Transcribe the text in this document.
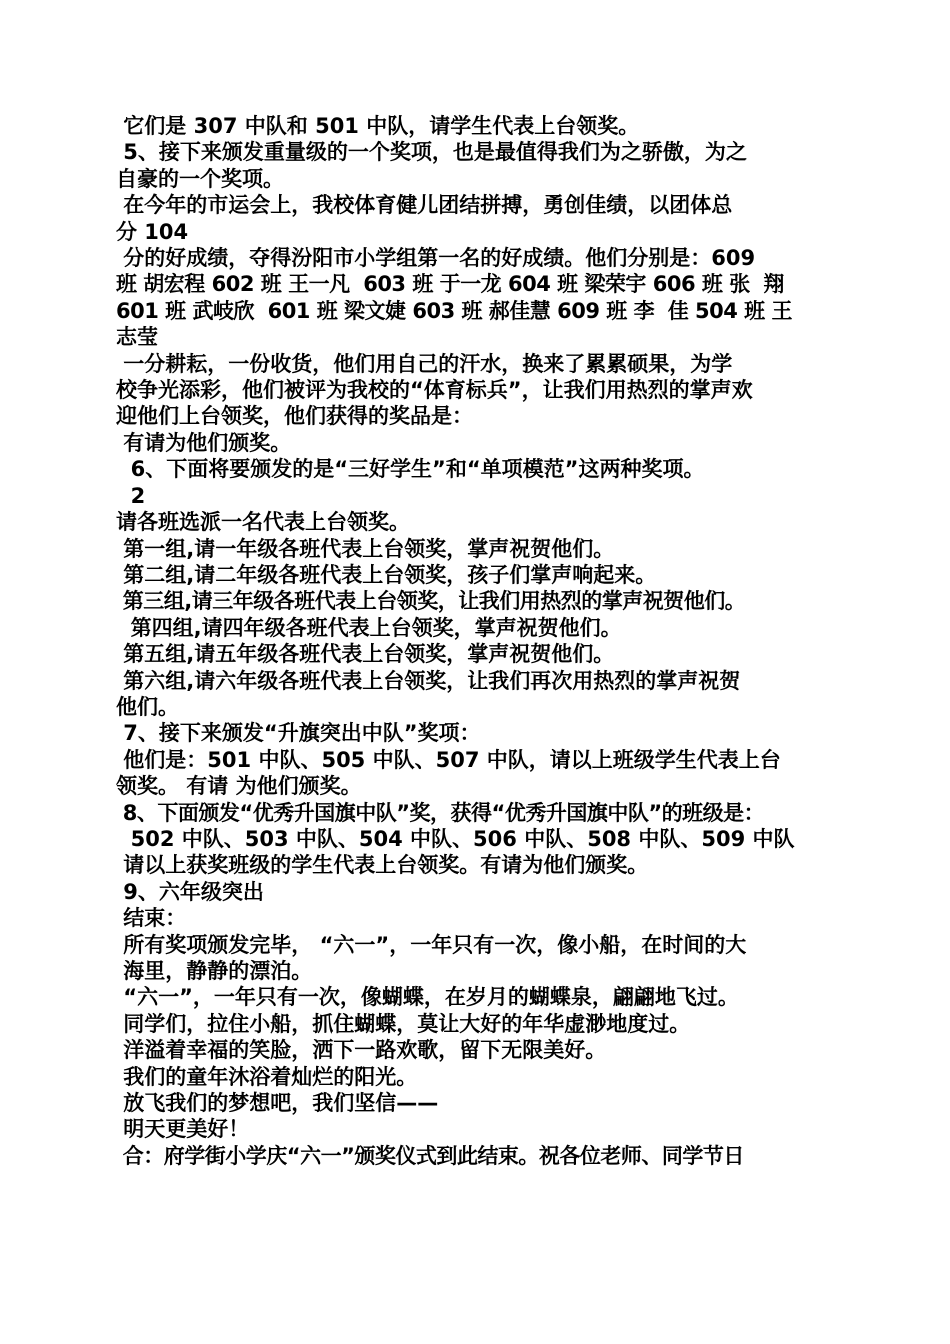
它们是 307 中队和 501 中队，请学生代表上台领奖。
5、接下来颁发重量级的一个奖项，也是最值得我们为之骄傲，为之
自豪的一个奖项。
在今年的市运会上，我校体育健儿团结拼搏，勇创佳绩，以团体总
分 104
分的好成绩，夺得汾阳市小学组第一名的好成绩。他们分别是：609
班 胡宏程 602 班 王一凡  603 班 于一龙 604 班 梁荣宇 606 班 张  翔
601 班 武岐欣  601 班 梁文婕 603 班 郝佳慧 609 班 李  佳 504 班 王
志莹
一分耕耘，一份收货，他们用自己的汗水，换来了累累硕果，为学
校争光添彩，他们被评为我校的“体育标兵”，让我们用热烈的掌声欢
迎他们上台领奖，他们获得的奖品是：
有请为他们颁奖。
6、下面将要颁发的是“三好学生”和“单项模范”这两种奖项。
2
请各班选派一名代表上台领奖。
第一组,请一年级各班代表上台领奖，掌声祝贺他们。
第二组,请二年级各班代表上台领奖，孩子们掌声响起来。
第三组,请三年级各班代表上台领奖，让我们用热烈的掌声祝贺他们。
第四组,请四年级各班代表上台领奖，掌声祝贺他们。
第五组,请五年级各班代表上台领奖，掌声祝贺他们。
第六组,请六年级各班代表上台领奖，让我们再次用热烈的掌声祝贺
他们。
7、接下来颁发“升旗突出中队”奖项：
他们是：501 中队、505 中队、507 中队，请以上班级学生代表上台
领奖。 有请 为他们颁奖。
8、下面颁发“优秀升国旗中队”奖，获得“优秀升国旗中队”的班级是：
502 中队、503 中队、504 中队、506 中队、508 中队、509 中队
请以上获奖班级的学生代表上台领奖。有请为他们颁奖。
9、六年级突出
结束：
所有奖项颁发完毕， “六一”，一年只有一次，像小船，在时间的大
海里，静静的漂泊。
“六一”，一年只有一次，像蝴蝶，在岁月的蝴蝶泉，翩翩地飞过。
同学们，拉住小船，抓住蝴蝶，莫让大好的年华虚渺地度过。
洋溢着幸福的笑脸，洒下一路欢歌，留下无限美好。
我们的童年沐浴着灿烂的阳光。
放飞我们的梦想吧，我们坚信——
明天更美好！
合：府学街小学庆“六一”颁奖仪式到此结束。祝各位老师、同学节日
